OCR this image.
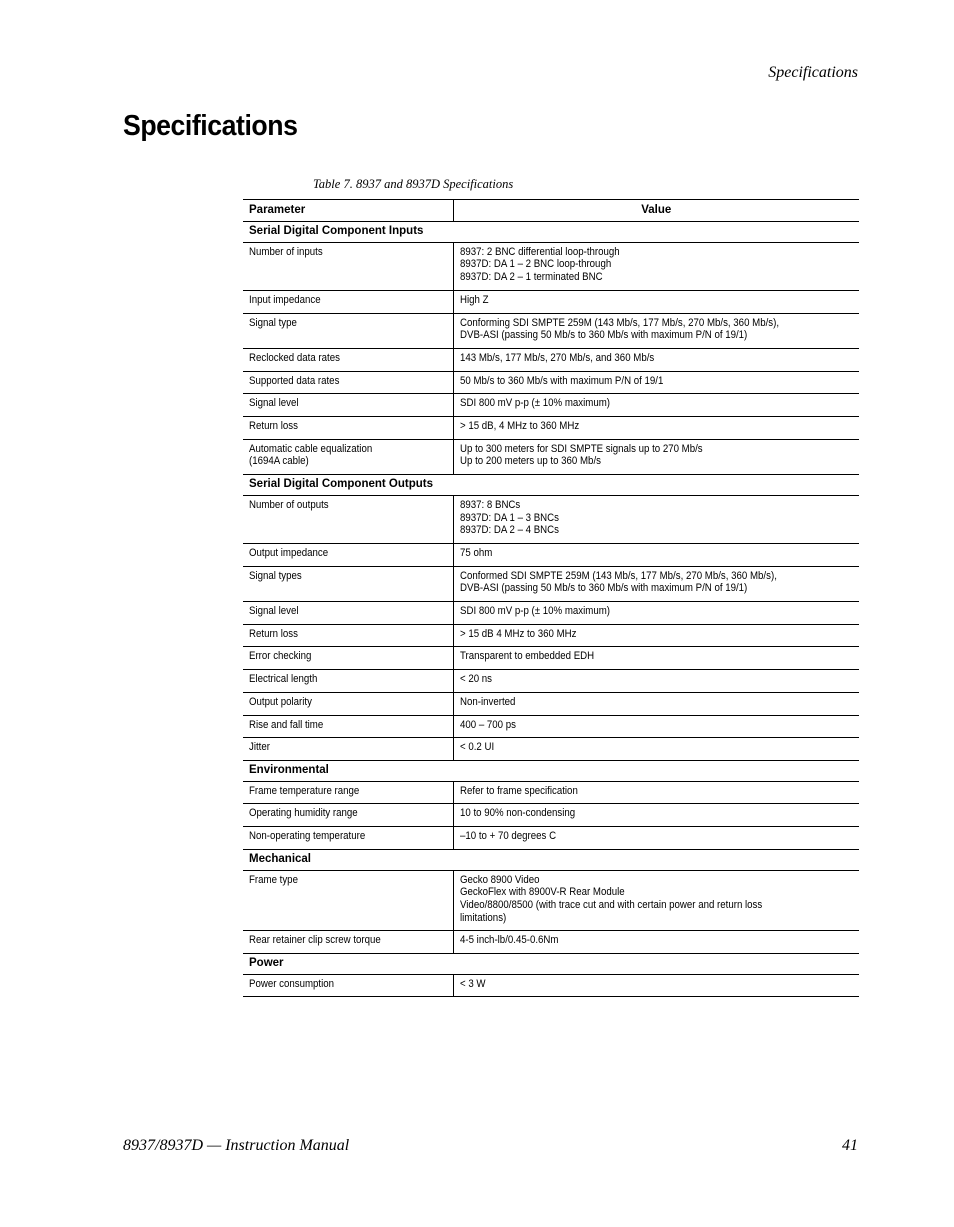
Specifications
Specifications
Table 7. 8937 and 8937D Specifications
Parameter	Value
Serial Digital Component Inputs	
Number of inputs	8937: 2 BNC differential loop-through
8937D: DA 1 – 2 BNC loop-through
8937D: DA 2 – 1 terminated BNC
Input impedance	High Z
Signal type	Conforming SDI SMPTE 259M (143 Mb/s, 177 Mb/s, 270 Mb/s, 360 Mb/s),
DVB-ASI (passing 50 Mb/s to 360 Mb/s with maximum P/N of 19/1)
Reclocked data rates	143 Mb/s, 177 Mb/s, 270 Mb/s, and 360 Mb/s
Supported data rates	50 Mb/s to 360 Mb/s with maximum P/N of 19/1
Signal level	SDI 800 mV p-p (± 10% maximum)
Return loss	> 15 dB, 4 MHz to 360 MHz
Automatic cable equalization
(1694A cable)	Up to 300 meters for SDI SMPTE signals up to 270 Mb/s
Up to 200 meters up to 360 Mb/s
Serial Digital Component Outputs	
Number of outputs	8937: 8 BNCs
8937D: DA 1 – 3 BNCs
8937D: DA 2 – 4 BNCs
Output impedance	75 ohm
Signal types	Conformed SDI SMPTE 259M (143 Mb/s, 177 Mb/s, 270 Mb/s, 360 Mb/s),
DVB-ASI (passing 50 Mb/s to 360 Mb/s with maximum P/N of 19/1)
Signal level	SDI 800 mV p-p (± 10% maximum)
Return loss	> 15 dB 4 MHz to 360 MHz
Error checking	Transparent to embedded EDH
Electrical length	< 20 ns
Output polarity	Non-inverted
Rise and fall time	400 – 700 ps
Jitter	< 0.2 UI
Environmental	
Frame temperature range	Refer to frame specification
Operating humidity range	10 to 90% non-condensing
Non-operating temperature	–10 to + 70 degrees C
Mechanical	
Frame type	Gecko 8900 Video
GeckoFlex with 8900V-R Rear Module
Video/8800/8500 (with trace cut and with certain power and return loss limitations)
Rear retainer clip screw torque	4-5 inch-lb/0.45-0.6Nm
Power	
Power consumption	< 3 W
8937/8937D — Instruction Manual	41
